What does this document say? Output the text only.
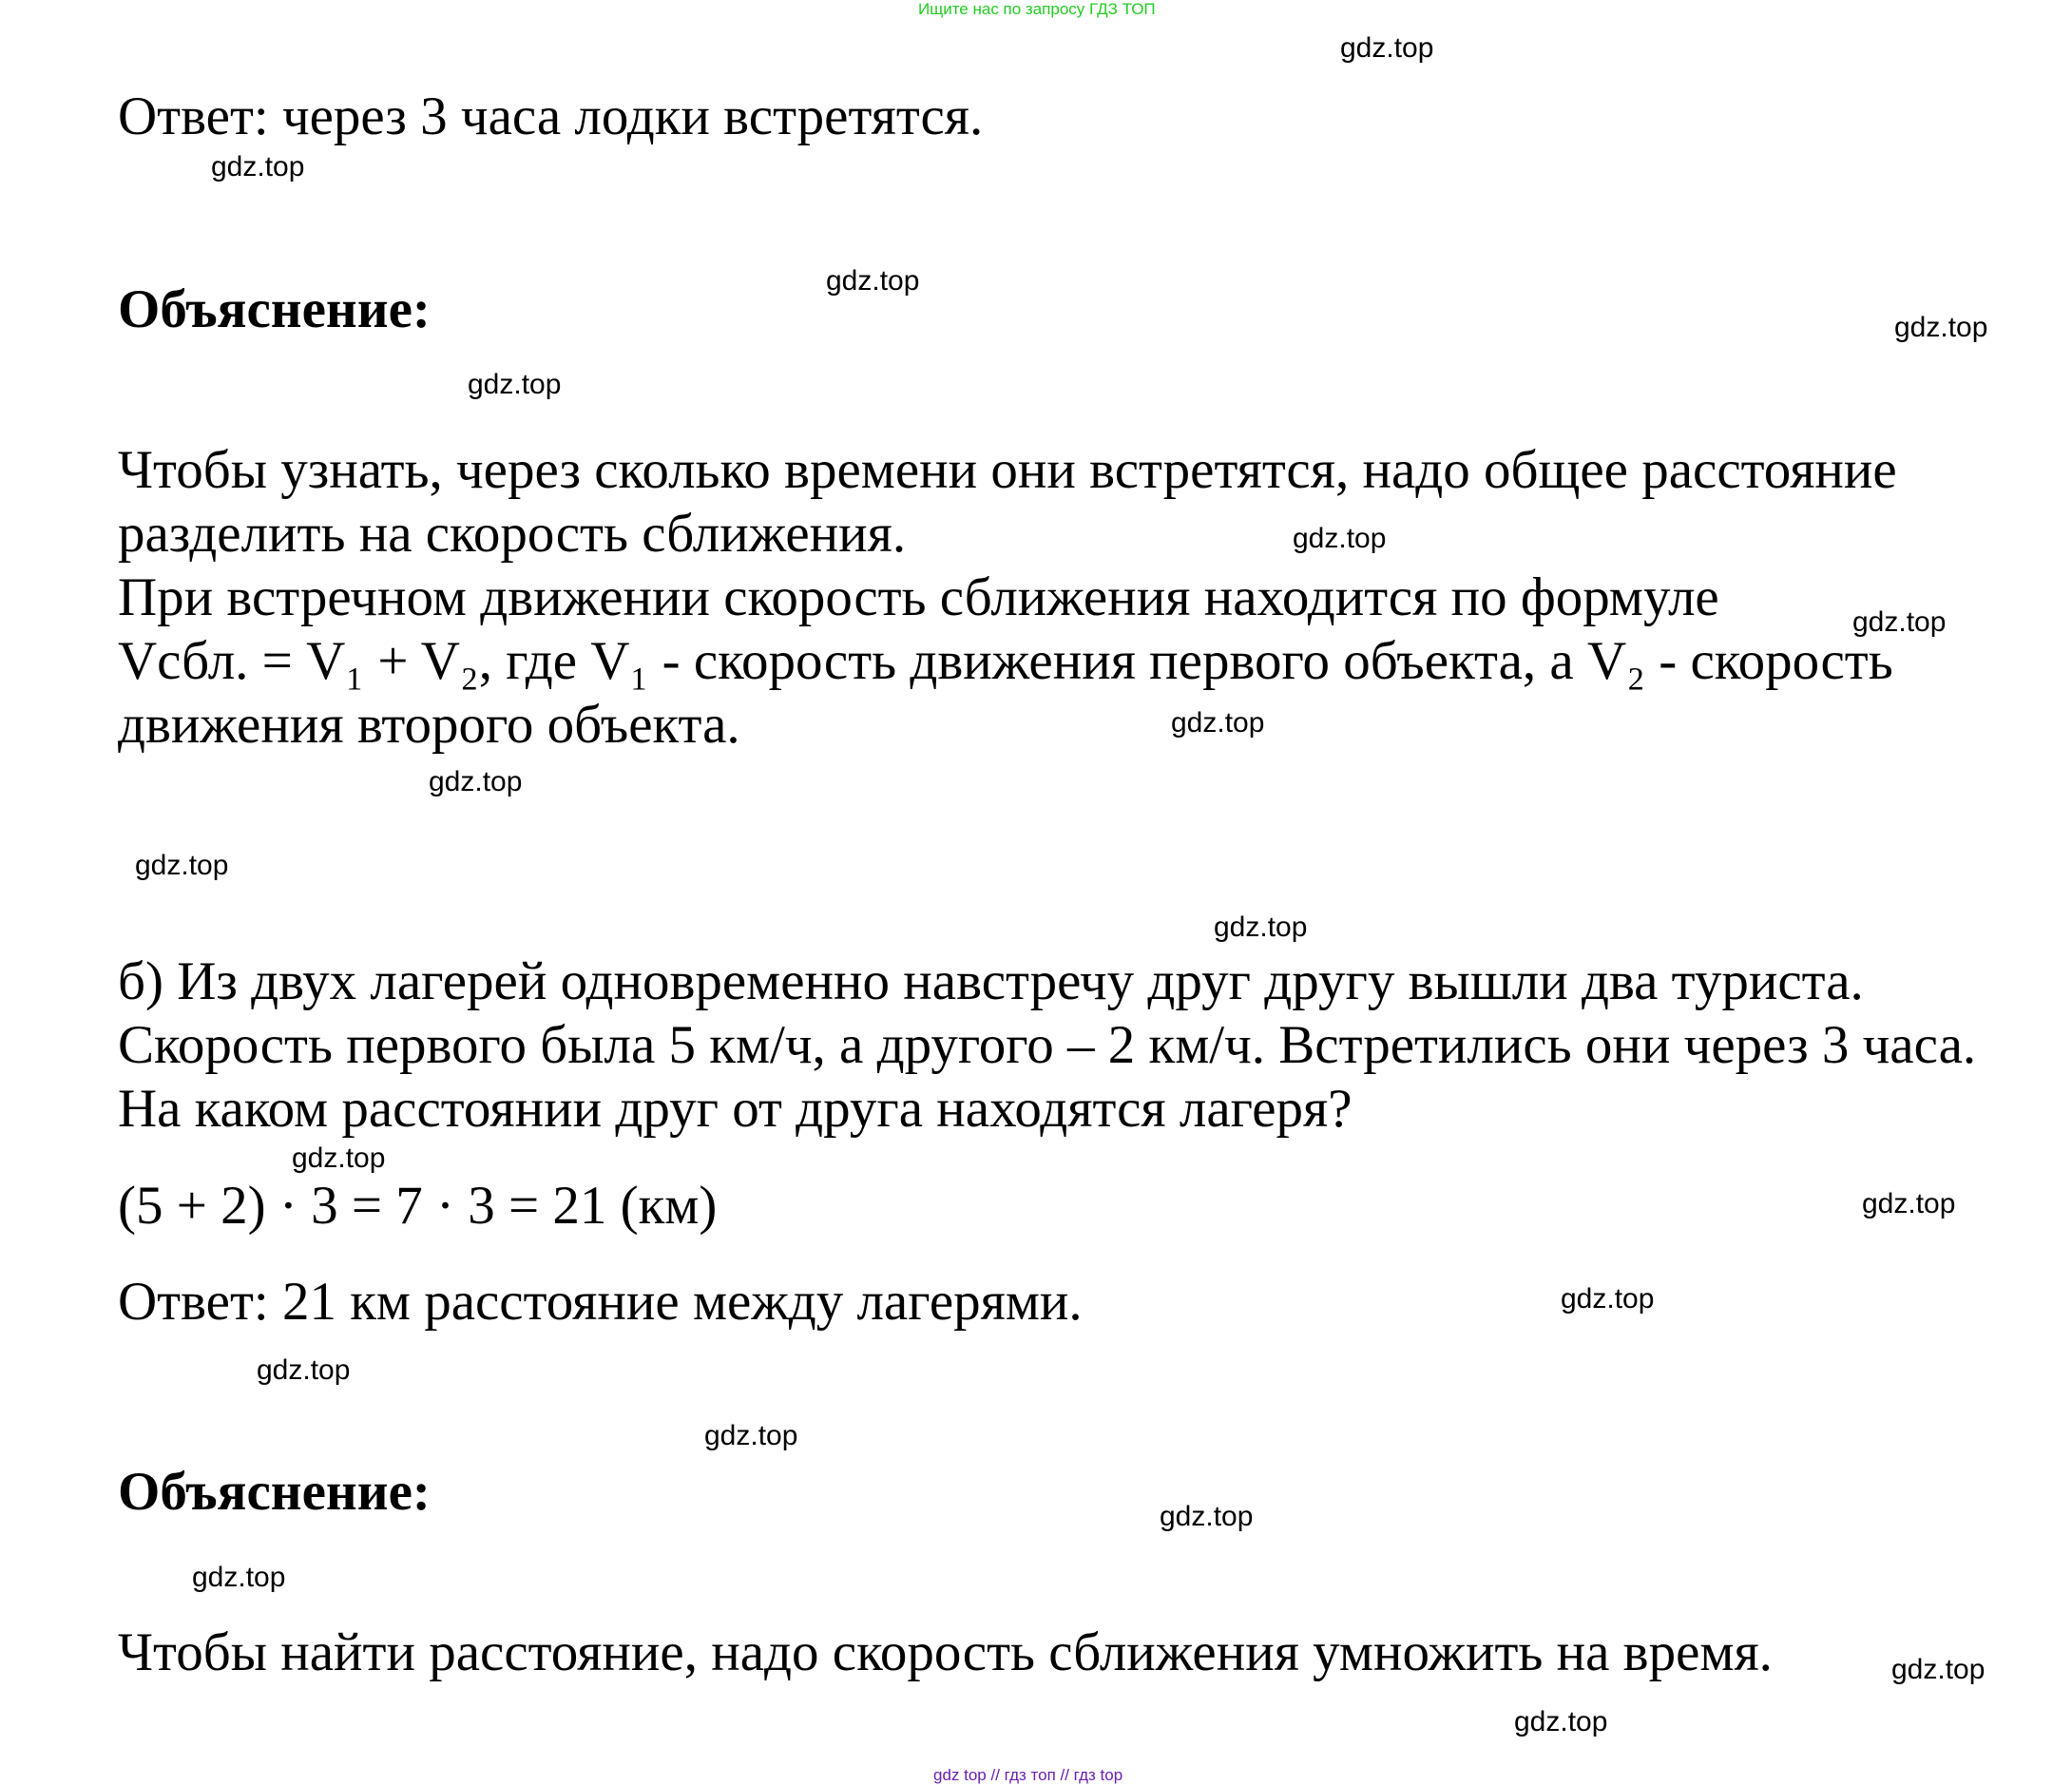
Ищите нас по запросу ГДЗ ТОП

Ответ: через 3 часа лодки встретятся.

Объяснение:

Чтобы узнать, через сколько времени они встретятся, надо общее расстояние

разделить на скорость сближения.

При встречном движении скорость сближения находится по формуле

Vсбл. = V₁ + V₂, где V₁ - скорость движения первого объекта, а V₂ - скорость

движения второго объекта.

б) Из двух лагерей одновременно навстречу друг другу вышли два туриста.

Скорость первого была 5 км/ч, а другого – 2 км/ч. Встретились они через 3 часа.

На каком расстоянии друг от друга находятся лагеря?

(5 + 2) · 3 = 7 · 3 = 21 (км)

Ответ: 21 км расстояние между лагерями.

Объяснение:

Чтобы найти расстояние, надо скорость сближения умножить на время.

gdz.top
gdz.top
gdz.top
gdz.top
gdz.top
gdz.top
gdz.top
gdz.top
gdz.top
gdz.top
gdz.top
gdz.top
gdz.top
gdz.top
gdz.top
gdz.top
gdz.top
gdz.top
gdz.top
gdz.top
gdz top // гдз топ // гдз top
